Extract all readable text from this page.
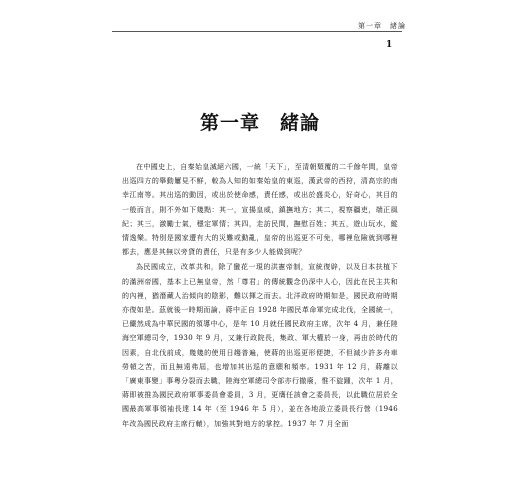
第一章　緒論
1
第一章　緒論

在中國史上，自秦始皇滅絕六國，一統「天下」，至清朝頹覆的二千餘年間，皇帝出巡四方的舉動屢見不鮮，較為人知的如秦始皇的東巡，漢武帝的西狩，清高宗的南幸江南等。其出巡的動因，或出於使命感，責任感，或出於盛炎心，好奇心，其目的一般而言，則不外如下幾點：其一，宣揚皇威，鎮撫地方；其二，視察疆吏，端正風紀；其三，激勵士氣，穩定軍情；其四，走訪民間，撫慰百姓；其五，遊山玩水，縱情逸樂。特別是國家遭有大的災難或動亂，皇帝的出巡更不可免，哪裡危險就到哪裡都去，應是其無以旁貸的責任，只是有多少人能做到呢？

為民國成立，改革共和，除了蠻花一現的洪憲帝制，宣統復辟，以及日本扶植下的滿洲帝國，基本上已無皇帝，然「尊君」的傳統觀念仍深中人心，因此在民主共和的內裡，猶潛藏人治傾向的陰影，難以揮之而去。北洋政府時期如是，國民政府時期亦復如是。茲就後一時期而論，蔣中正自 1928 年國民革命軍完成北伐，全國統一，已儼然成為中華民國的領導中心，是年 10 月就任國民政府主席，次年 4 月，兼任陸海空軍總司令，1930 年 9 月，又兼行政院長，集政、軍大權於一身，再由於時代的因素，自北伐前成，幾幾的使用日趨普遍，使蔣的出巡更形便捷，不但減少許多舟車勞頓之苦，而且無遠弗屆，也增加其出巡的意願和頻率。1931 年 12 月，蔣離以「廣東事變」事粵分裂而去職，陸海空軍總司令部亦行撤廢，惟不旋踵，次年 1 月，蔣即被推為國民政府軍事委員會委員，3 月，更膺任該會之委員長，以此職位居於全國最高軍事領袖長達 14 年（至 1946 年 5 月），並在各地設立委員長行營（1946 年改為國民政府主席行轅），加強其對地方的掌控。1937 年 7 月全面
